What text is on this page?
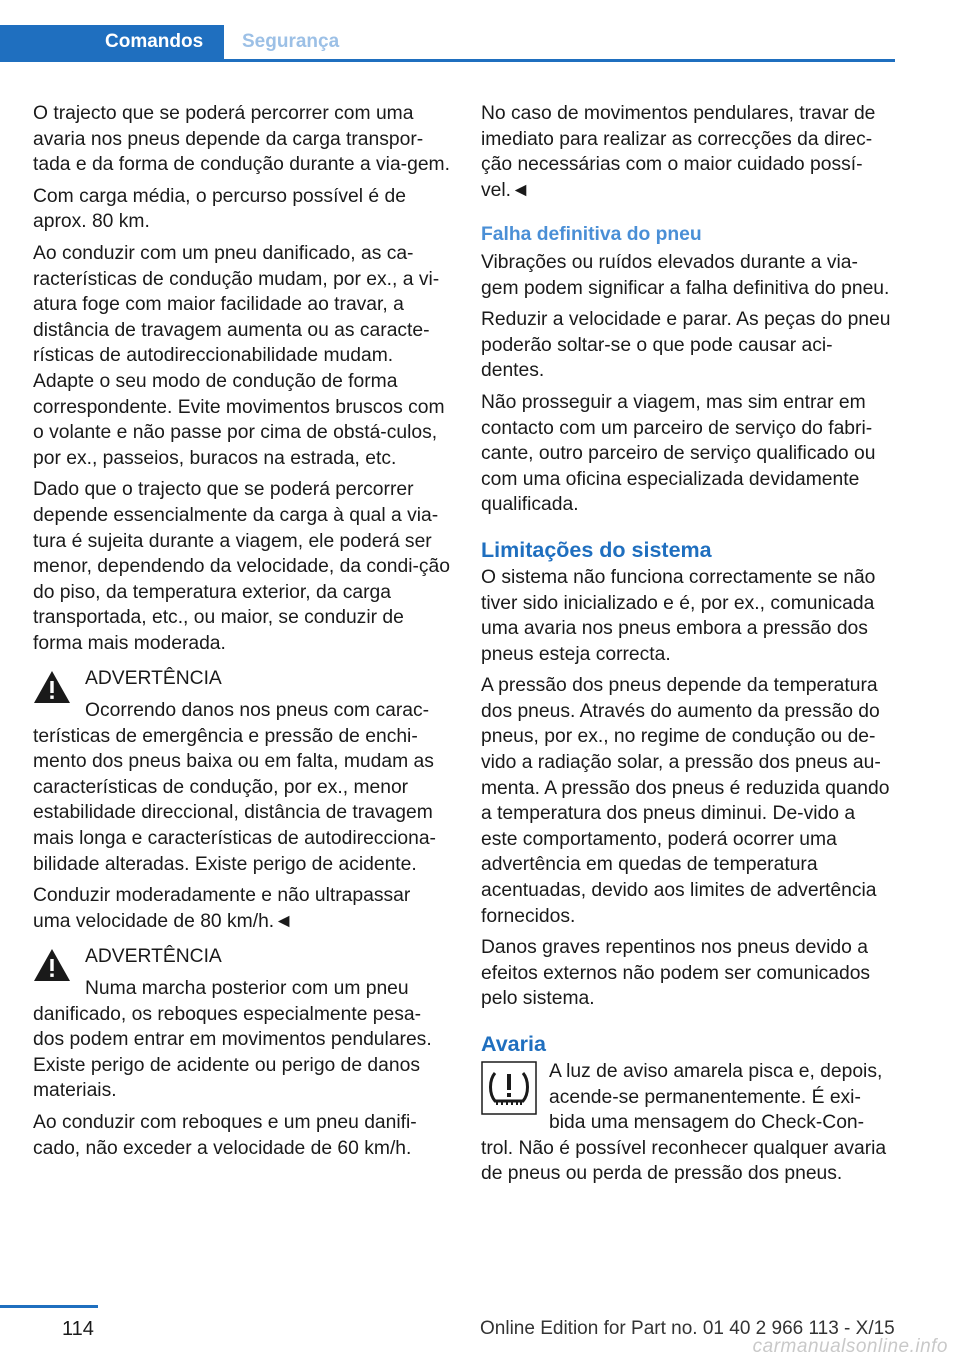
Comandos	Segurança

O trajecto que se poderá percorrer com uma avaria nos pneus depende da carga transpor‐tada e da forma de condução durante a via‐gem.

Com carga média, o percurso possível é de aprox. 80 km.

Ao conduzir com um pneu danificado, as ca‐racterísticas de condução mudam, por ex., a vi‐atura foge com maior facilidade ao travar, a distância de travagem aumenta ou as caracte‐rísticas de autodireccionabilidade mudam. Adapte o seu modo de condução de forma correspondente. Evite movimentos bruscos com o volante e não passe por cima de obstá‐culos, por ex., passeios, buracos na estrada, etc.

Dado que o trajecto que se poderá percorrer depende essencialmente da carga à qual a via‐tura é sujeita durante a viagem, ele poderá ser menor, dependendo da velocidade, da condi‐ção do piso, da temperatura exterior, da carga transportada, etc., ou maior, se conduzir de forma mais moderada.

ADVERTÊNCIA

Ocorrendo danos nos pneus com carac‐terísticas de emergência e pressão de enchi‐mento dos pneus baixa ou em falta, mudam as características de condução, por ex., menor estabilidade direccional, distância de travagem mais longa e características de autodireccionа‐bilidade alteradas. Existe perigo de acidente.

Conduzir moderadamente e não ultrapassar uma velocidade de 80 km/h.◄

ADVERTÊNCIA

Numa marcha posterior com um pneu danificado, os reboques especialmente pesa‐dos podem entrar em movimentos pendulares. Existe perigo de acidente ou perigo de danos materiais.

Ao conduzir com reboques e um pneu danifi‐cado, não exceder a velocidade de 60 km/h.

No caso de movimentos pendulares, travar de imediato para realizar as correcções da direc‐ção necessárias com o maior cuidado possí‐vel.◄

Falha definitiva do pneu

Vibrações ou ruídos elevados durante a via‐gem podem significar a falha definitiva do pneu.

Reduzir a velocidade e parar. As peças do pneu poderão soltar-se o que pode causar aci‐dentes.

Não prosseguir a viagem, mas sim entrar em contacto com um parceiro de serviço do fabri‐cante, outro parceiro de serviço qualificado ou com uma oficina especializada devidamente qualificada.

Limitações do sistema

O sistema não funciona correctamente se não tiver sido inicializado e é, por ex., comunicada uma avaria nos pneus embora a pressão dos pneus esteja correcta.

A pressão dos pneus depende da temperatura dos pneus. Através do aumento da pressão do pneus, por ex., no regime de condução ou de‐vido a radiação solar, a pressão dos pneus au‐menta. A pressão dos pneus é reduzida quando a temperatura dos pneus diminui. De‐vido a este comportamento, poderá ocorrer uma advertência em quedas de temperatura acentuadas, devido aos limites de advertência fornecidos.

Danos graves repentinos nos pneus devido a efeitos externos não podem ser comunicados pelo sistema.

Avaria

A luz de aviso amarela pisca e, depois,

acende-se permanentemente. É exi‐

bida uma mensagem do Check-Con‐

trol. Não é possível reconhecer qualquer avaria de pneus ou perda de pressão dos pneus.

114	Online Edition for Part no. 01 40 2 966 113 - X/15
carmanualsonline.info
